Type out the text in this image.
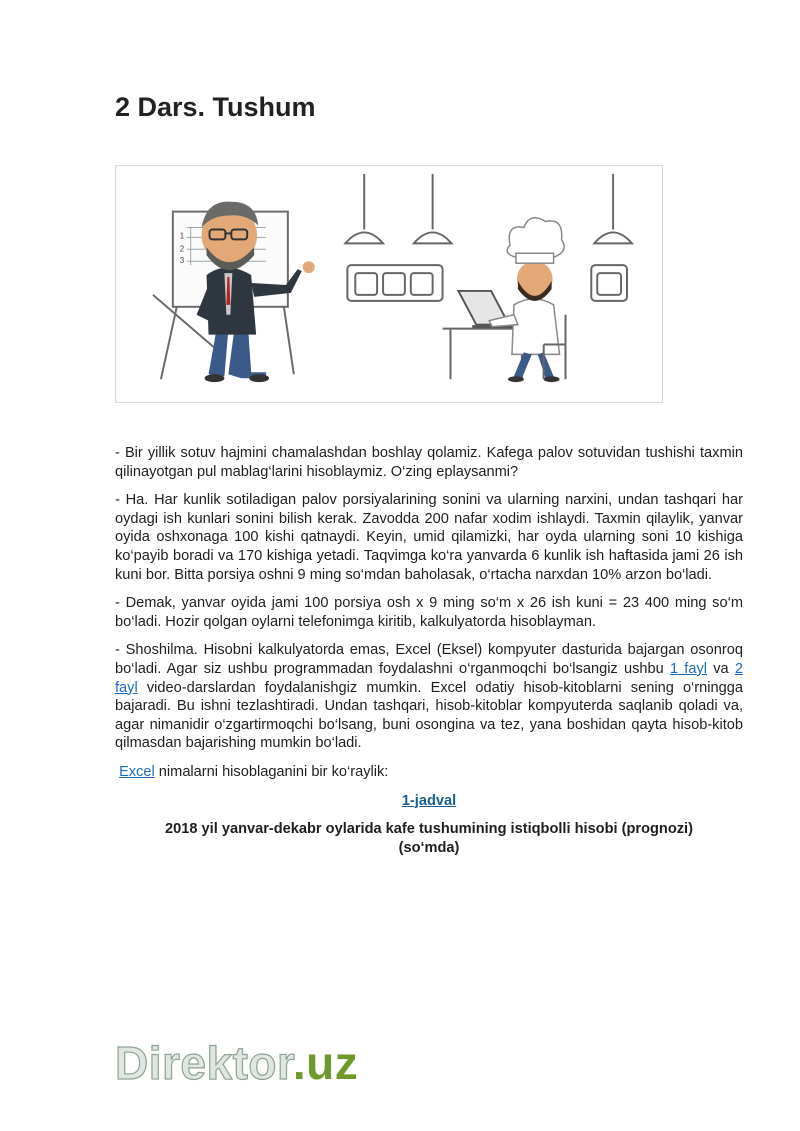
2 Dars. Tushum
1
2
3

- Bir yillik sotuv hajmini chamalashdan boshlay qolamiz. Kafega palov sotuvidan tushishi taxmin qilinayotgan pul mablag‘larini hisoblaymiz. O‘zing eplaysanmi?

- Ha. Har kunlik sotiladigan palov porsiyalarining sonini va ularning narxini, undan tashqari har oydagi ish kunlari sonini bilish kerak. Zavodda 200 nafar xodim ishlaydi. Taxmin qilaylik, yanvar oyida oshxonaga 100 kishi qatnaydi. Keyin, umid qilamizki, har oyda ularning soni 10 kishiga ko‘payib boradi va 170 kishiga yetadi. Taqvimga ko‘ra yanvarda 6 kunlik ish haftasida jami 26 ish kuni bor. Bitta porsiya oshni 9 ming so‘mdan baholasak, o‘rtacha narxdan 10% arzon bo‘ladi.

- Demak, yanvar oyida jami 100 porsiya osh x 9 ming so‘m x 26 ish kuni = 23 400 ming so‘m bo‘ladi. Hozir qolgan oylarni telefonimga kiritib, kalkulyatorda hisoblayman.

- Shoshilma. Hisobni kalkulyatorda emas, Excel (Eksel) kompyuter dasturida bajargan osonroq bo‘ladi. Agar siz ushbu programmadan foydalashni o‘rganmoqchi bo‘lsangiz ushbu 1 fayl va 2 fayl video-darslardan foydalanishgiz mumkin. Excel odatiy hisob-kitoblarni sening o‘rningga bajaradi. Bu ishni tezlashtiradi. Undan tashqari, hisob-kitoblar kompyuterda saqlanib qoladi va, agar nimanidir o‘zgartirmoqchi bo‘lsang, buni osongina va tez, yana boshidan qayta hisob-kitob qilmasdan bajarishing mumkin bo‘ladi.

Excel nimalarni hisoblaganini bir ko‘raylik:

1-jadval

2018 yil yanvar-dekabr oylarida kafe tushumining istiqbolli hisobi (prognozi)
(so‘mda)

Direktor.uz
